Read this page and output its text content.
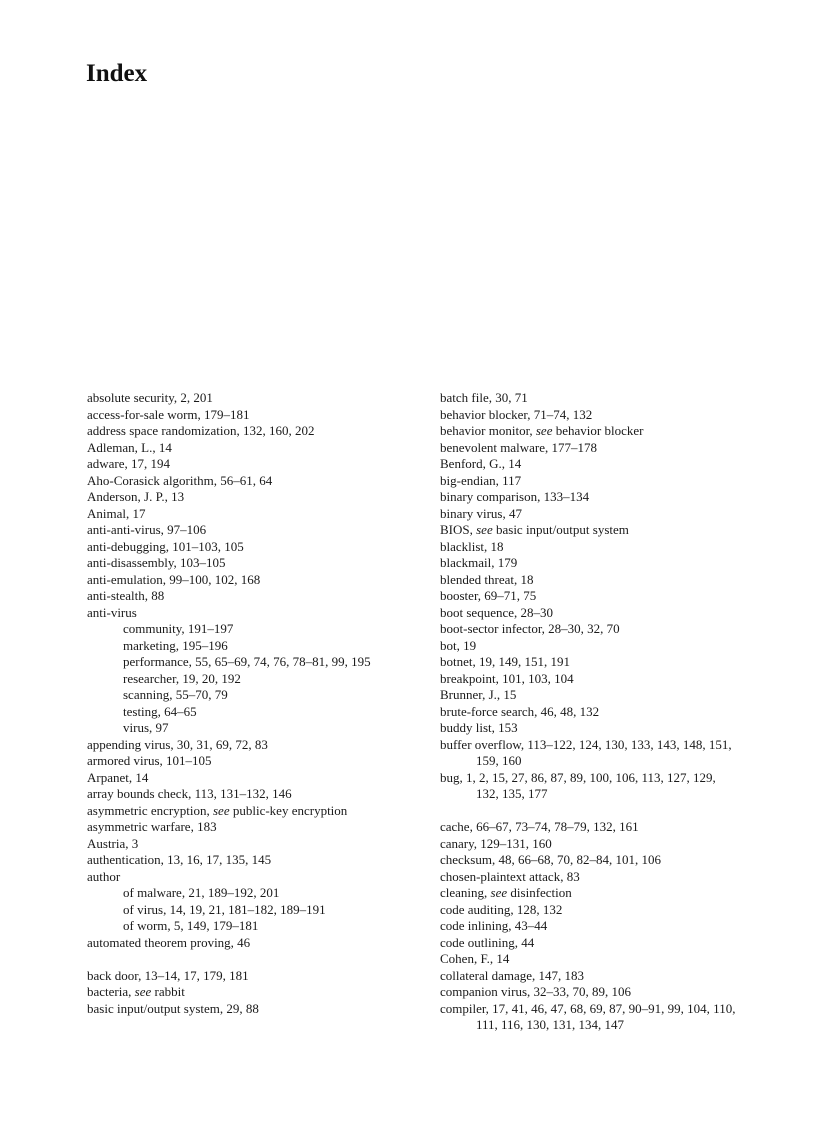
Index
absolute security, 2, 201
access-for-sale worm, 179–181
address space randomization, 132, 160, 202
Adleman, L., 14
adware, 17, 194
Aho-Corasick algorithm, 56–61, 64
Anderson, J. P., 13
Animal, 17
anti-anti-virus, 97–106
anti-debugging, 101–103, 105
anti-disassembly, 103–105
anti-emulation, 99–100, 102, 168
anti-stealth, 88
anti-virus
community, 191–197
marketing, 195–196
performance, 55, 65–69, 74, 76, 78–81, 99, 195
researcher, 19, 20, 192
scanning, 55–70, 79
testing, 64–65
virus, 97
appending virus, 30, 31, 69, 72, 83
armored virus, 101–105
Arpanet, 14
array bounds check, 113, 131–132, 146
asymmetric encryption, see public-key encryption
asymmetric warfare, 183
Austria, 3
authentication, 13, 16, 17, 135, 145
author
of malware, 21, 189–192, 201
of virus, 14, 19, 21, 181–182, 189–191
of worm, 5, 149, 179–181
automated theorem proving, 46
back door, 13–14, 17, 179, 181
bacteria, see rabbit
basic input/output system, 29, 88
batch file, 30, 71
behavior blocker, 71–74, 132
behavior monitor, see behavior blocker
benevolent malware, 177–178
Benford, G., 14
big-endian, 117
binary comparison, 133–134
binary virus, 47
BIOS, see basic input/output system
blacklist, 18
blackmail, 179
blended threat, 18
booster, 69–71, 75
boot sequence, 28–30
boot-sector infector, 28–30, 32, 70
bot, 19
botnet, 19, 149, 151, 191
breakpoint, 101, 103, 104
Brunner, J., 15
brute-force search, 46, 48, 132
buddy list, 153
buffer overflow, 113–122, 124, 130, 133, 143, 148, 151, 159, 160
bug, 1, 2, 15, 27, 86, 87, 89, 100, 106, 113, 127, 129, 132, 135, 177
cache, 66–67, 73–74, 78–79, 132, 161
canary, 129–131, 160
checksum, 48, 66–68, 70, 82–84, 101, 106
chosen-plaintext attack, 83
cleaning, see disinfection
code auditing, 128, 132
code inlining, 43–44
code outlining, 44
Cohen, F., 14
collateral damage, 147, 183
companion virus, 32–33, 70, 89, 106
compiler, 17, 41, 46, 47, 68, 69, 87, 90–91, 99, 104, 110, 111, 116, 130, 131, 134, 147
